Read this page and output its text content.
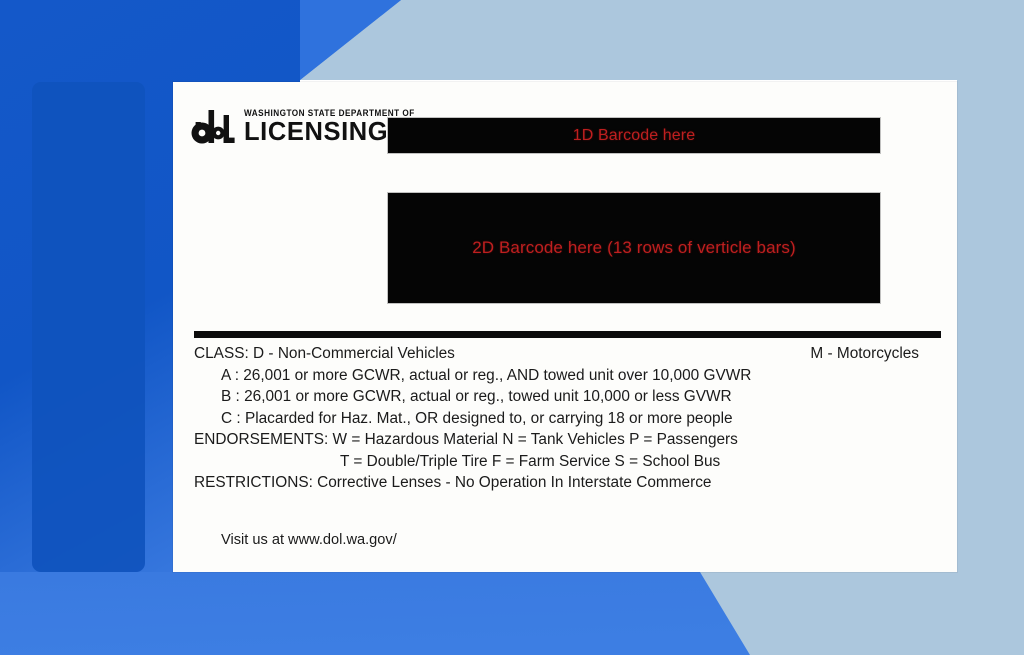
WASHINGTON STATE DEPARTMENT OF
LICENSING	1D Barcode here
2D Barcode here (13 rows of verticle bars)
CLASS: D - Non-Commercial Vehicles	M - Motorcycles
A : 26,001 or more GCWR, actual or reg., AND towed unit over 10,000 GVWR
B : 26,001 or more GCWR, actual or reg., towed unit 10,000 or less GVWR
C : Placarded for Haz. Mat., OR designed to, or carrying 18 or more people
ENDORSEMENTS: W = Hazardous Material N = Tank Vehicles P = Passengers
T = Double/Triple Tire F = Farm Service S = School Bus
RESTRICTIONS: Corrective Lenses - No Operation In Interstate Commerce
Visit us at www.dol.wa.gov/
